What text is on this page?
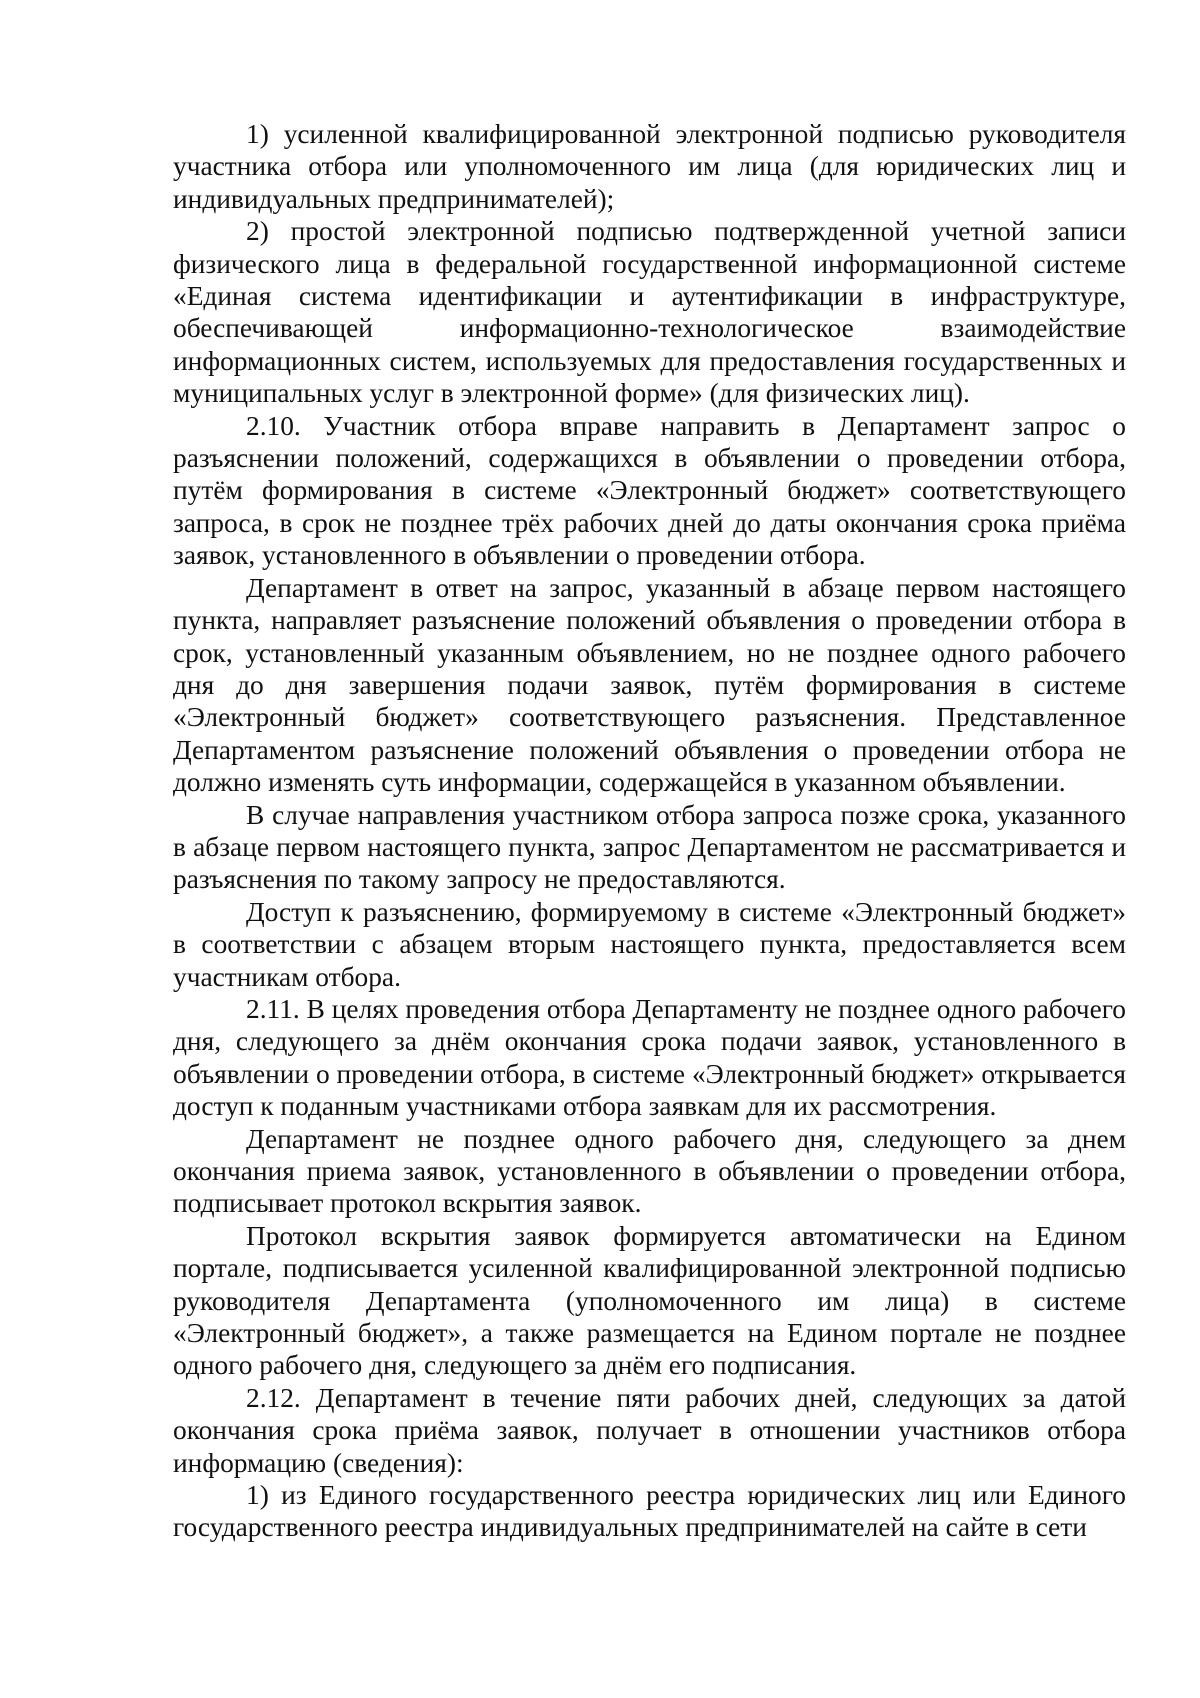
1) усиленной квалифицированной электронной подписью руководителя участника отбора или уполномоченного им лица (для юридических лиц и индивидуальных предпринимателей);

2) простой электронной подписью подтвержденной учетной записи физического лица в федеральной государственной информационной системе «Единая система идентификации и аутентификации в инфраструктуре, обеспечивающей информационно-технологическое взаимодействие информационных систем, используемых для предоставления государственных и муниципальных услуг в электронной форме» (для физических лиц).

2.10. Участник отбора вправе направить в Департамент запрос о разъяснении положений, содержащихся в объявлении о проведении отбора, путём формирования в системе «Электронный бюджет» соответствующего запроса, в срок не позднее трёх рабочих дней до даты окончания срока приёма заявок, установленного в объявлении о проведении отбора.

Департамент в ответ на запрос, указанный в абзаце первом настоящего пункта, направляет разъяснение положений объявления о проведении отбора в срок, установленный указанным объявлением, но не позднее одного рабочего дня до дня завершения подачи заявок, путём формирования в системе «Электронный бюджет» соответствующего разъяснения. Представленное Департаментом разъяснение положений объявления о проведении отбора не должно изменять суть информации, содержащейся в указанном объявлении.

В случае направления участником отбора запроса позже срока, указанного в абзаце первом настоящего пункта, запрос Департаментом не рассматривается и разъяснения по такому запросу не предоставляются.

Доступ к разъяснению, формируемому в системе «Электронный бюджет» в соответствии с абзацем вторым настоящего пункта, предоставляется всем участникам отбора.

2.11. В целях проведения отбора Департаменту не позднее одного рабочего дня, следующего за днём окончания срока подачи заявок, установленного в объявлении о проведении отбора, в системе «Электронный бюджет» открывается доступ к поданным участниками отбора заявкам для их рассмотрения.

Департамент не позднее одного рабочего дня, следующего за днем окончания приема заявок, установленного в объявлении о проведении отбора, подписывает протокол вскрытия заявок.

Протокол вскрытия заявок формируется автоматически на Едином портале, подписывается усиленной квалифицированной электронной подписью руководителя Департамента (уполномоченного им лица) в системе «Электронный бюджет», а также размещается на Едином портале не позднее одного рабочего дня, следующего за днём его подписания.

2.12. Департамент в течение пяти рабочих дней, следующих за датой окончания срока приёма заявок, получает в отношении участников отбора информацию (сведения):

1) из Единого государственного реестра юридических лиц или Единого государственного реестра индивидуальных предпринимателей на сайте в сети
